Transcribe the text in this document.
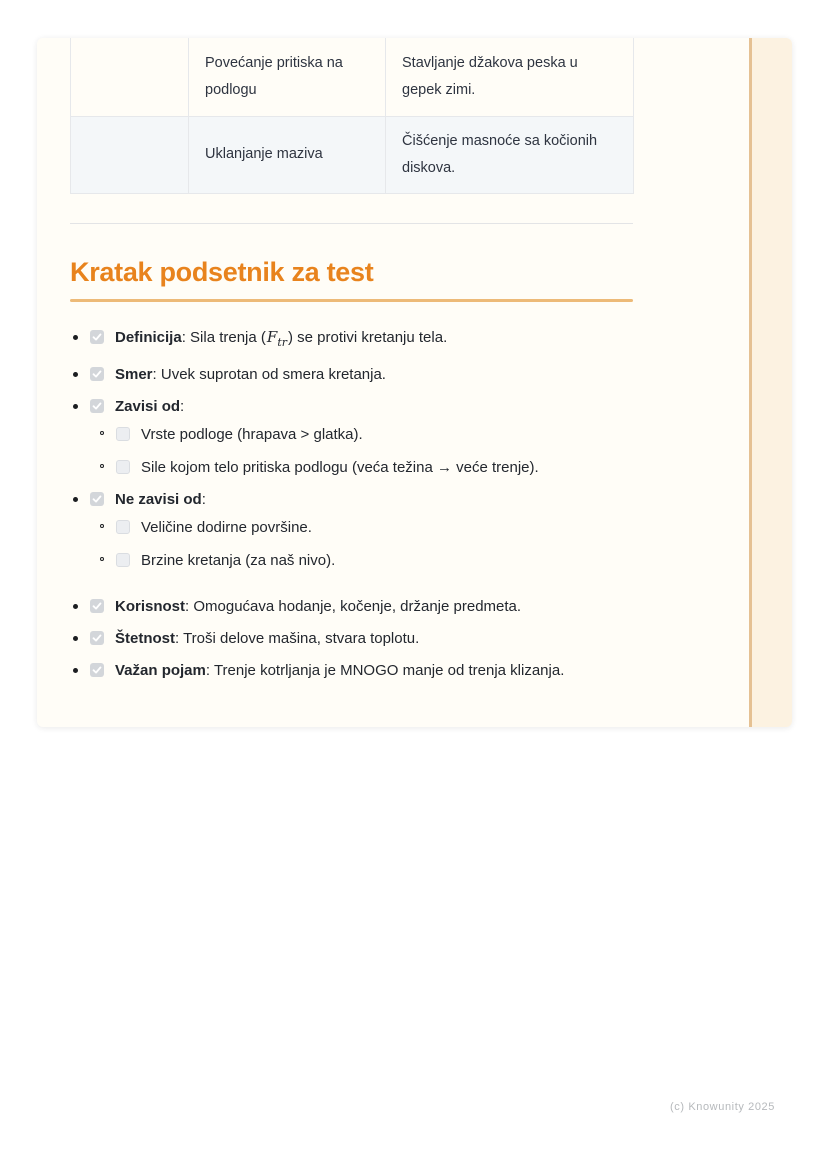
	Povećanje pritiska na podlogu	Stavljanje džakova peska u gepek zimi.
	Uklanjanje maziva	Čišćenje masnoće sa kočionih diskova.
Kratak podsetnik za test
Definicija: Sila trenja $(F_{tr})$ se protivi kretanju tela.
Smer: Uvek suprotan od smera kretanja.
Zavisi od:
Vrste podloge (hrapava > glatka).
Sile kojom telo pritiska podlogu (veća težina → veće trenje).
Ne zavisi od:
Veličine dodirne površine.
Brzine kretanja (za naš nivo).
Korisnost: Omogućava hodanje, kočenje, držanje predmeta.
Štetnost: Troši delove mašina, stvara toplotu.
Važan pojam: Trenje kotrljanja je MNOGO manje od trenja klizanja.
(c) Knowunity 2025
